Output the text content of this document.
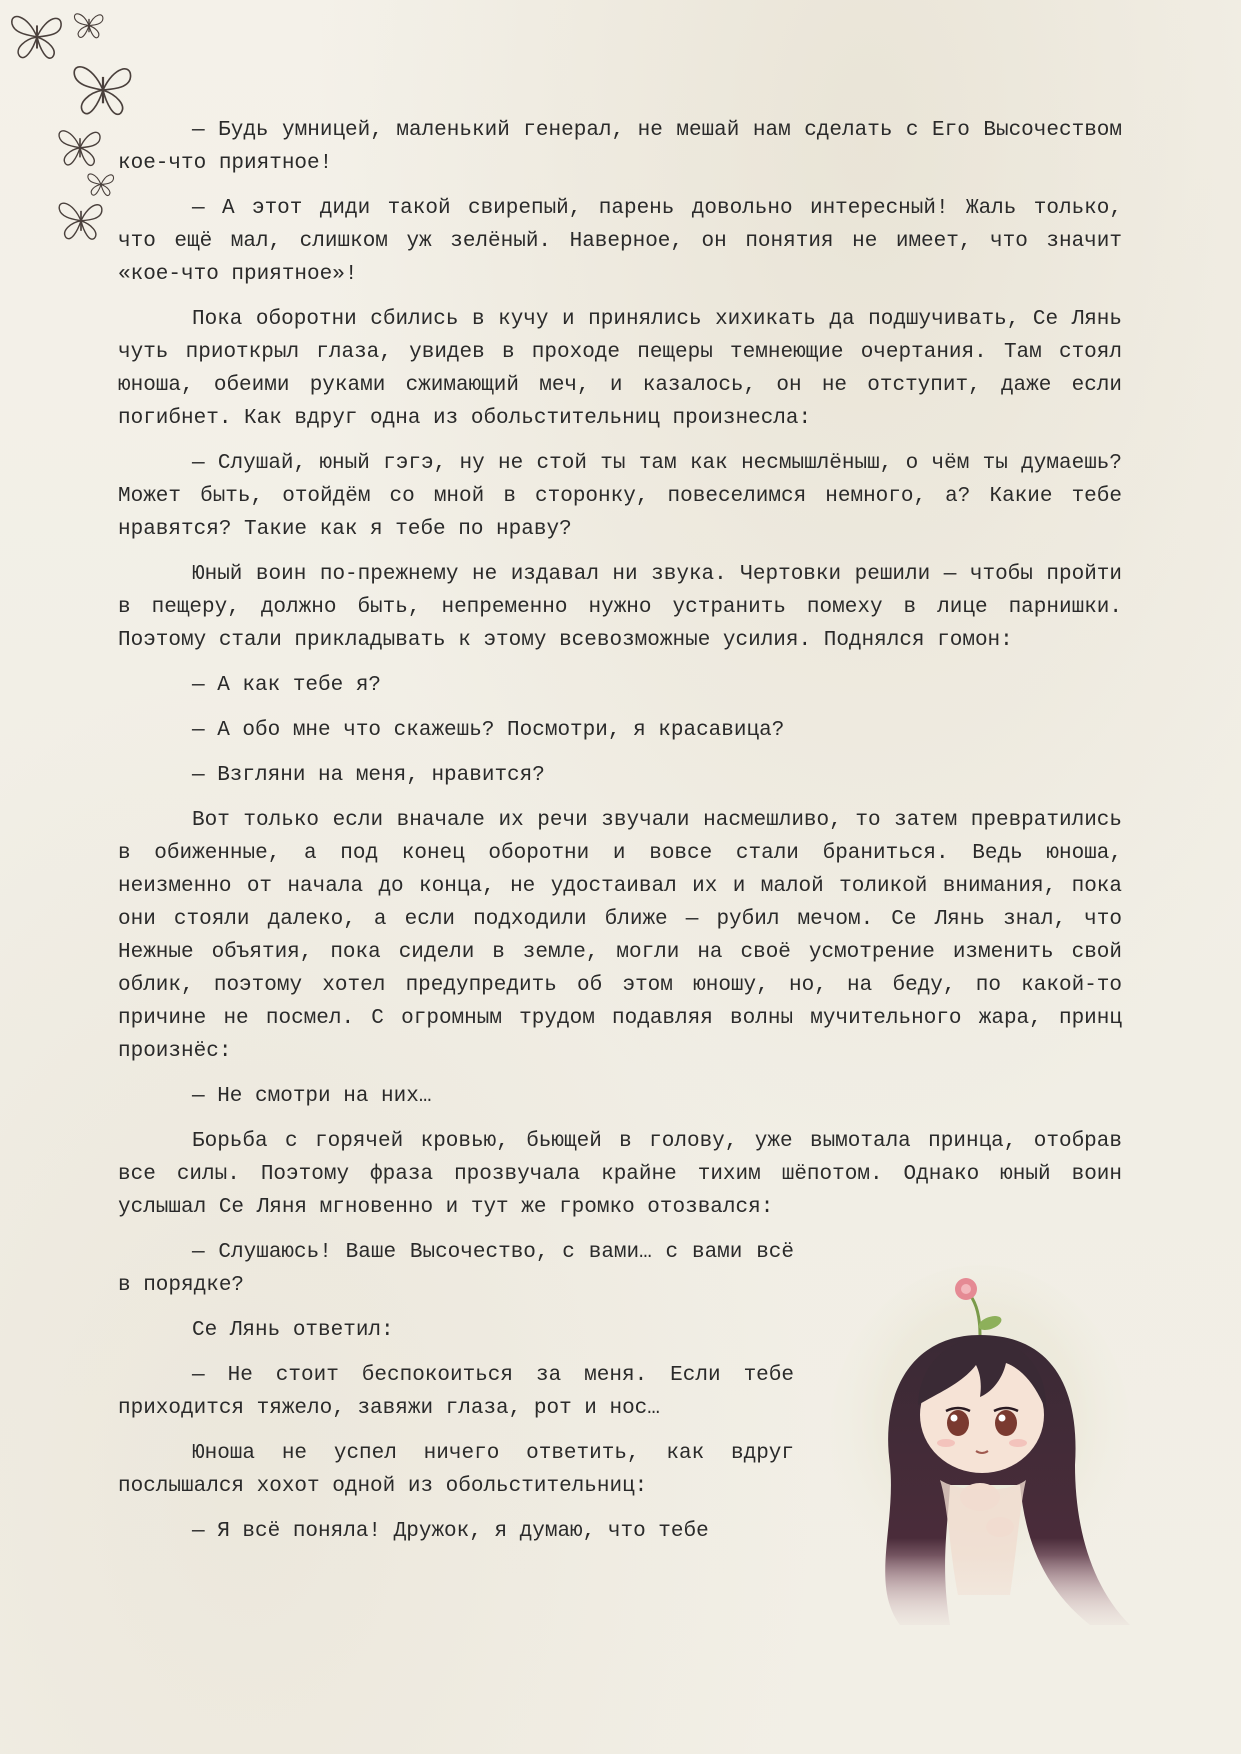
— Будь умницей, маленький генерал, не мешай нам сделать с Его Высочеством кое-что приятное!

— А этот диди такой свирепый, парень довольно интересный! Жаль только, что ещё мал, слишком уж зелёный. Наверное, он понятия не имеет, что значит «кое-что приятное»!

Пока оборотни сбились в кучу и принялись хихикать да подшучивать, Се Лянь чуть приоткрыл глаза, увидев в проходе пещеры темнеющие очертания. Там стоял юноша, обеими руками сжимающий меч, и казалось, он не отступит, даже если погибнет. Как вдруг одна из обольстительниц произнесла:

— Слушай, юный гэгэ, ну не стой ты там как несмышлёныш, о чём ты думаешь? Может быть, отойдём со мной в сторонку, повеселимся немного, а? Какие тебе нравятся? Такие как я тебе по нраву?

Юный воин по-прежнему не издавал ни звука. Чертовки решили — чтобы пройти в пещеру, должно быть, непременно нужно устранить помеху в лице парнишки. Поэтому стали прикладывать к этому всевозможные усилия. Поднялся гомон:

— А как тебе я?

— А обо мне что скажешь? Посмотри, я красавица?

— Взгляни на меня, нравится?

Вот только если вначале их речи звучали насмешливо, то затем превратились в обиженные, а под конец оборотни и вовсе стали браниться. Ведь юноша, неизменно от начала до конца, не удостаивал их и малой толикой внимания, пока они стояли далеко, а если подходили ближе — рубил мечом. Се Лянь знал, что Нежные объятия, пока сидели в земле, могли на своё усмотрение изменить свой облик, поэтому хотел предупредить об этом юношу, но, на беду, по какой-то причине не посмел. С огромным трудом подавляя волны мучительного жара, принц произнёс:

— Не смотри на них…

Борьба с горячей кровью, бьющей в голову, уже вымотала принца, отобрав все силы. Поэтому фраза прозвучала крайне тихим шёпотом. Однако юный воин услышал Се Ляня мгновенно и тут же громко отозвался:

— Слушаюсь! Ваше Высочество, с вами… с вами всё в порядке?

Се Лянь ответил:

— Не стоит беспокоиться за меня. Если тебе приходится тяжело, завяжи глаза, рот и нос…

Юноша не успел ничего ответить, как вдруг послышался хохот одной из обольстительниц:

— Я всё поняла! Дружок, я думаю, что тебе
